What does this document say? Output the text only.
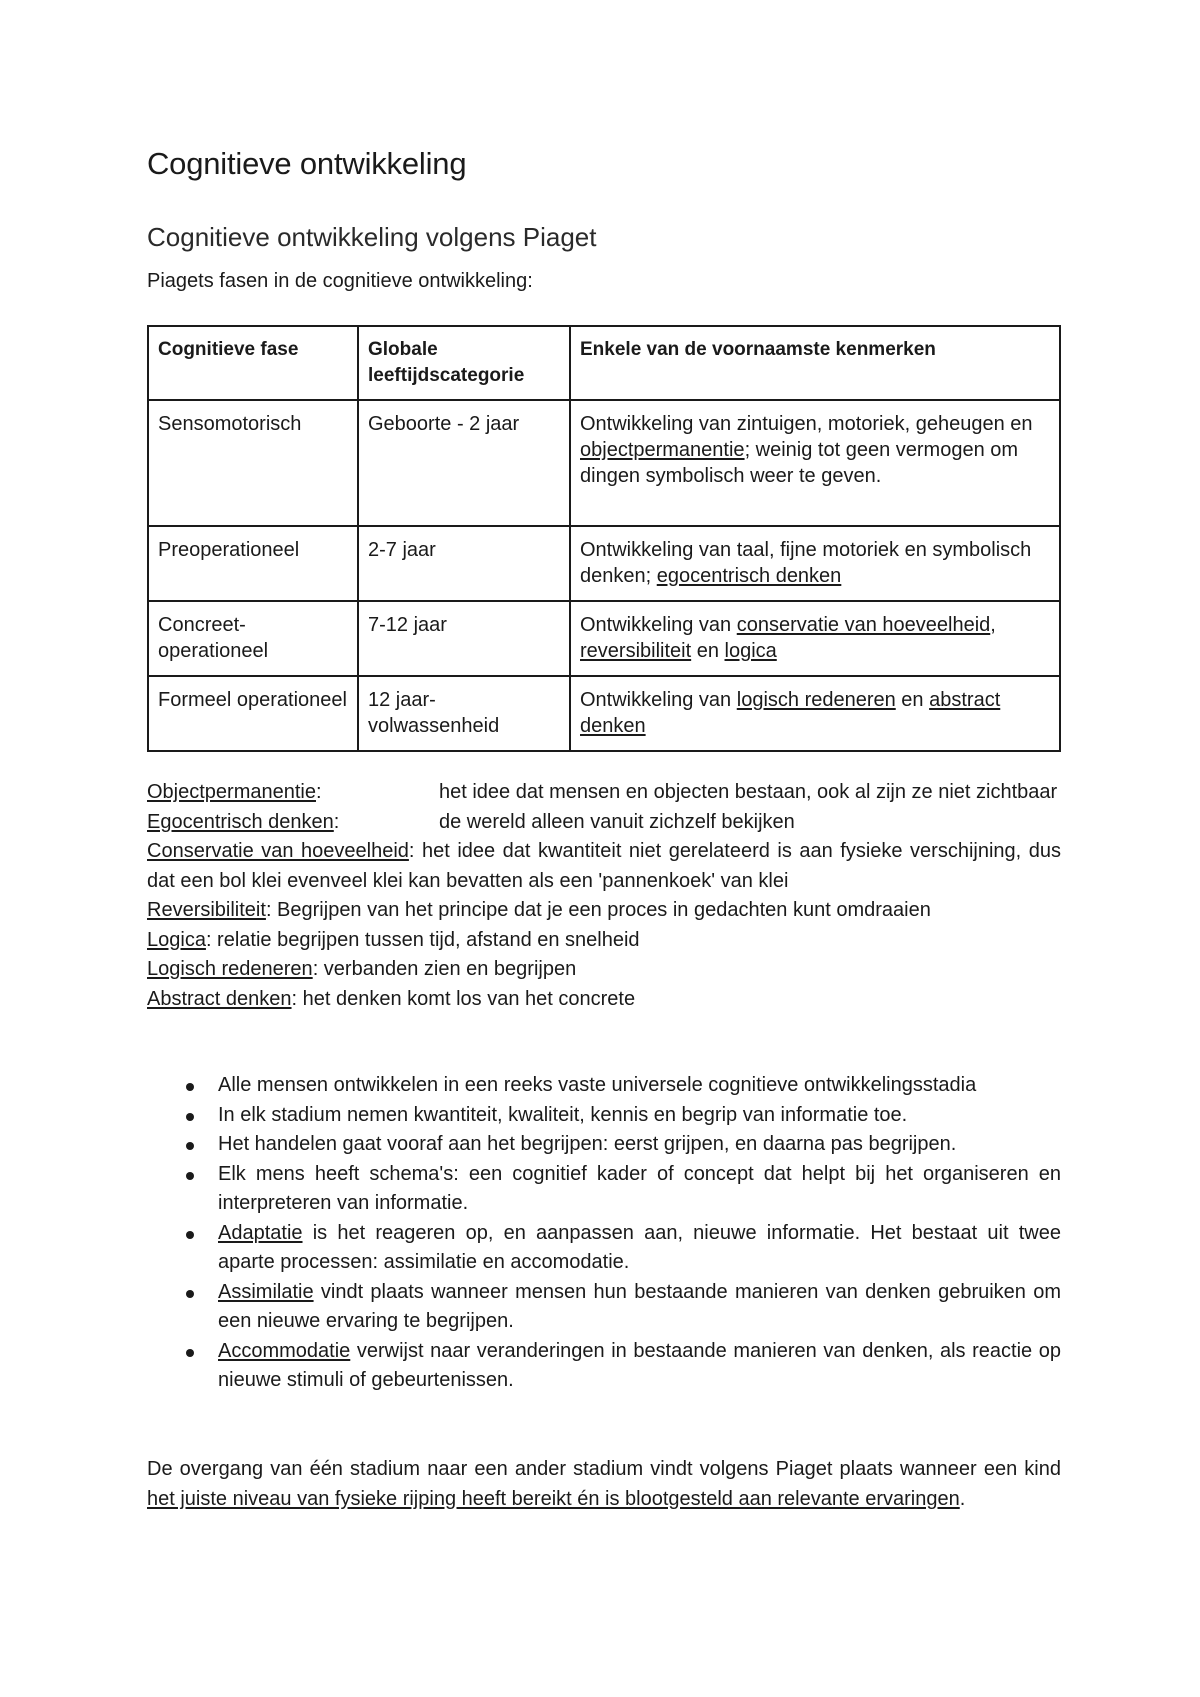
Cognitieve ontwikkeling
Cognitieve ontwikkeling volgens Piaget

Piagets fasen in de cognitieve ontwikkeling:

Cognitieve fase	Globale leeftijdscategorie	Enkele van de voornaamste kenmerken
Sensomotorisch	Geboorte - 2 jaar	Ontwikkeling van zintuigen, motoriek, geheugen en objectpermanentie; weinig tot geen vermogen om dingen symbolisch weer te geven.
Preoperationeel	2-7 jaar	Ontwikkeling van taal, fijne motoriek en symbolisch denken; egocentrisch denken
Concreet-operationeel	7-12 jaar	Ontwikkeling van conservatie van hoeveelheid, reversibiliteit en logica
Formeel operationeel	12 jaar-volwassenheid	Ontwikkeling van logisch redeneren en abstract denken
Objectpermanentie:	het idee dat mensen en objecten bestaan, ook al zijn ze niet zichtbaar
Egocentrisch denken:	de wereld alleen vanuit zichzelf bekijken
Conservatie van hoeveelheid: het idee dat kwantiteit niet gerelateerd is aan fysieke verschijning, dus dat een bol klei evenveel klei kan bevatten als een 'pannenkoek' van klei
Reversibiliteit: Begrijpen van het principe dat je een proces in gedachten kunt omdraaien
Logica: relatie begrijpen tussen tijd, afstand en snelheid
Logisch redeneren: verbanden zien en begrijpen
Abstract denken: het denken komt los van het concrete
Alle mensen ontwikkelen in een reeks vaste universele cognitieve ontwikkelingsstadia
In elk stadium nemen kwantiteit, kwaliteit, kennis en begrip van informatie toe.
Het handelen gaat vooraf aan het begrijpen: eerst grijpen, en daarna pas begrijpen.
Elk mens heeft schema's: een cognitief kader of concept dat helpt bij het organiseren en interpreteren van informatie.
Adaptatie is het reageren op, en aanpassen aan, nieuwe informatie. Het bestaat uit twee aparte processen: assimilatie en accomodatie.
Assimilatie vindt plaats wanneer mensen hun bestaande manieren van denken gebruiken om een nieuwe ervaring te begrijpen.
Accommodatie verwijst naar veranderingen in bestaande manieren van denken, als reactie op nieuwe stimuli of gebeurtenissen.

De overgang van één stadium naar een ander stadium vindt volgens Piaget plaats wanneer een kind het juiste niveau van fysieke rijping heeft bereikt én is blootgesteld aan relevante ervaringen.
